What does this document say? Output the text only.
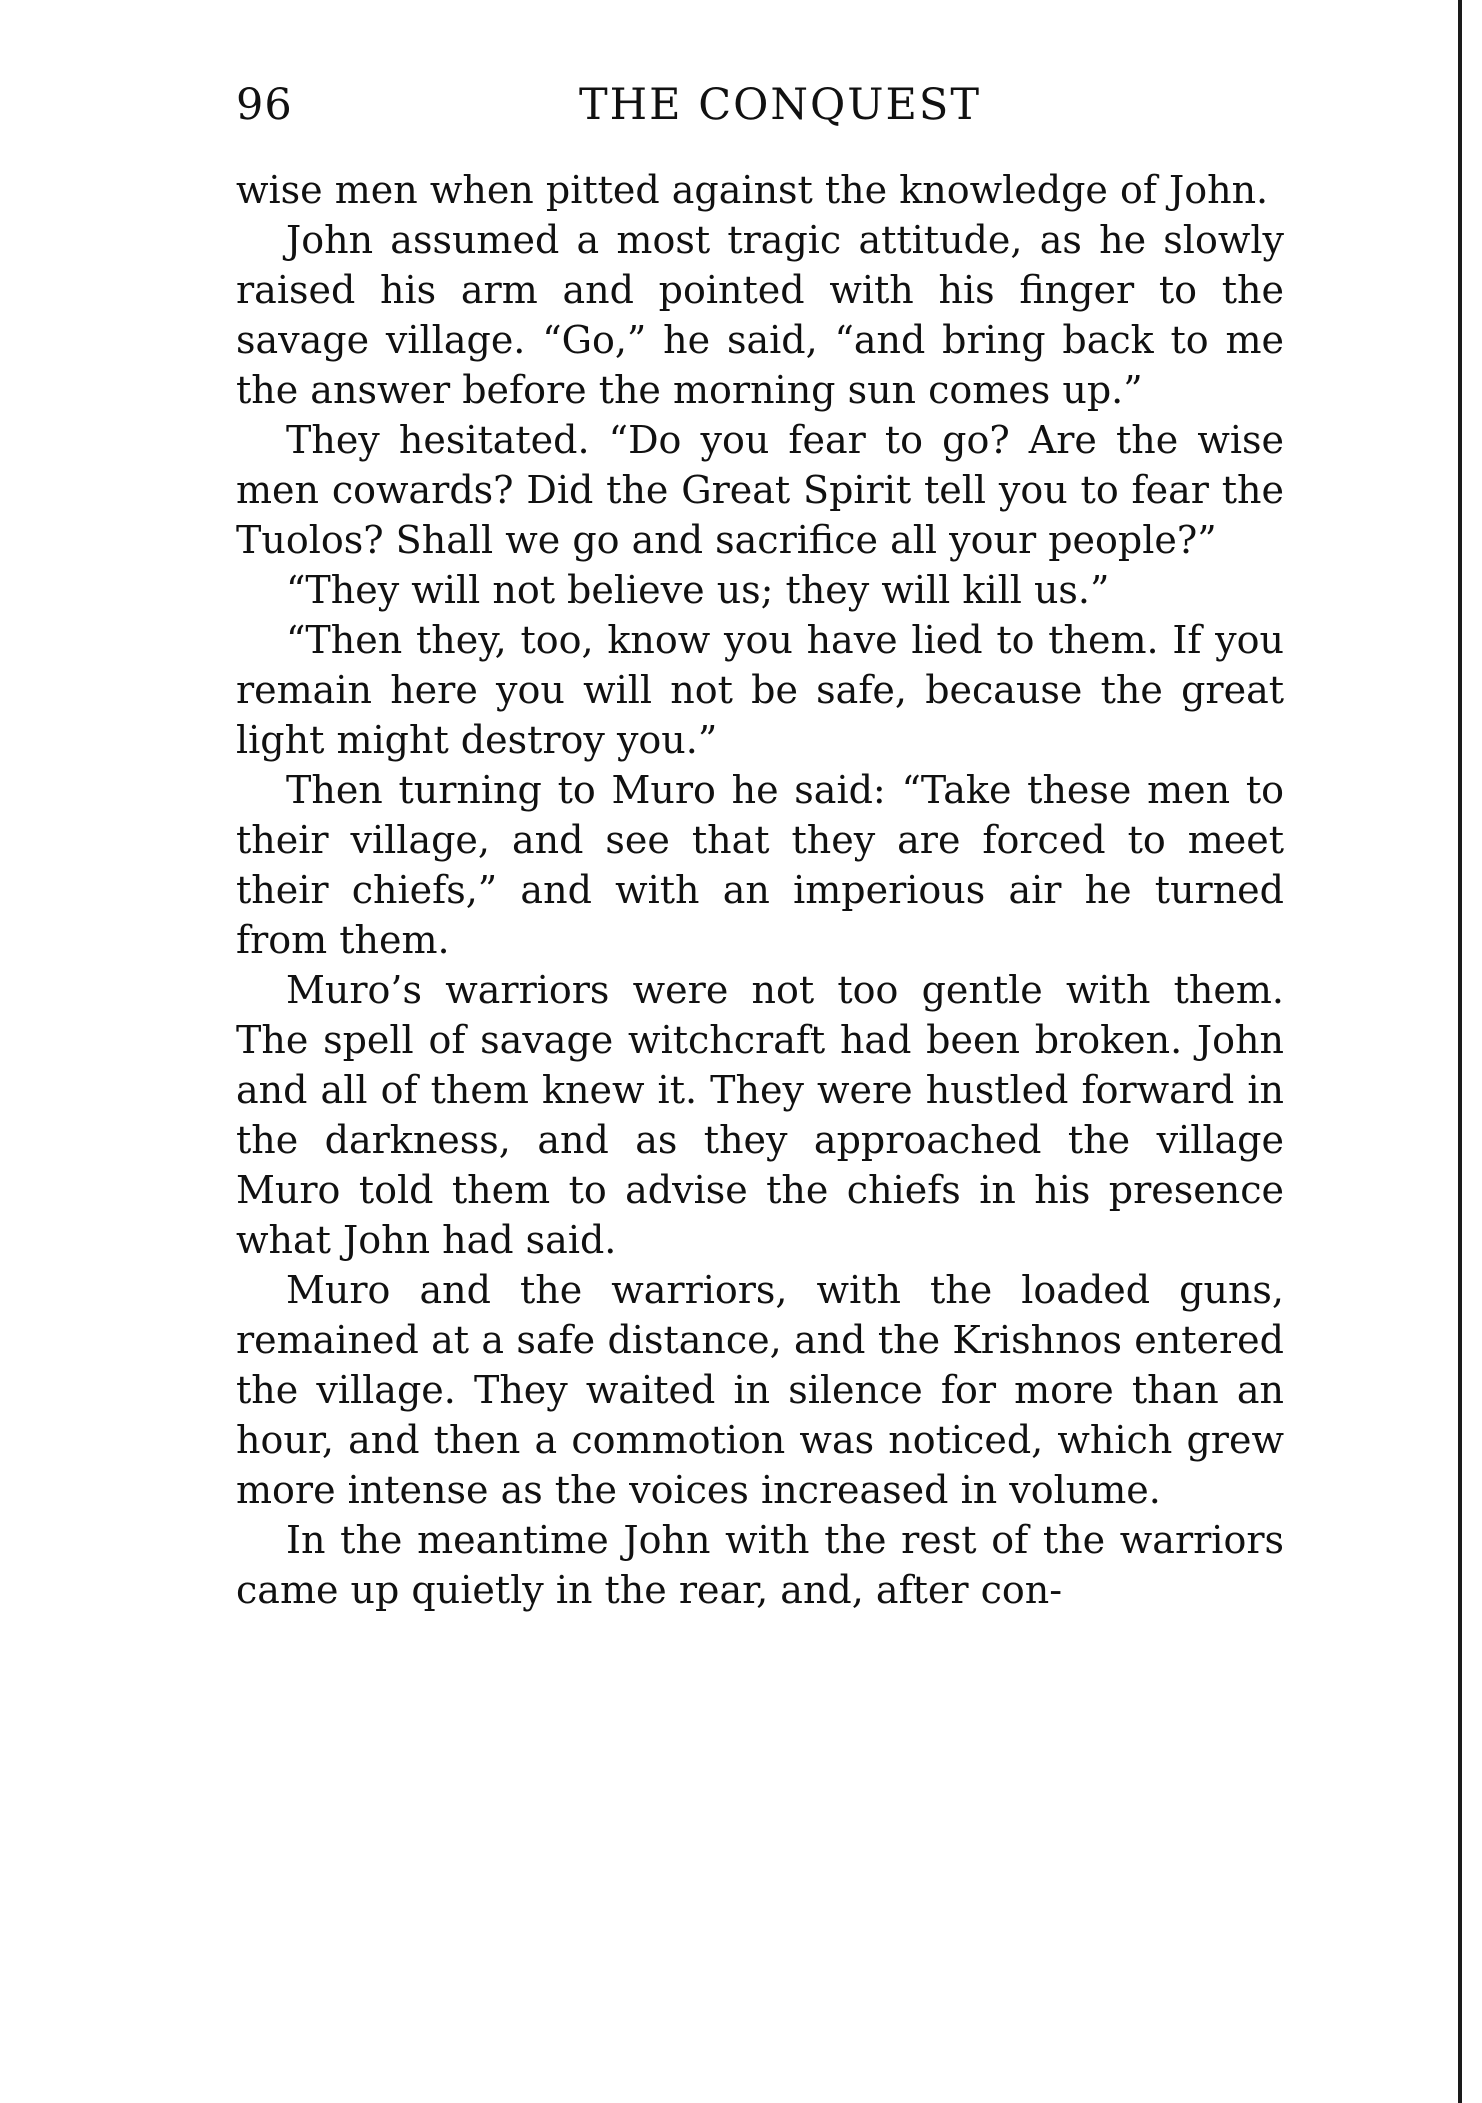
96	THE CONQUEST

wise men when pitted against the knowledge of John.

John assumed a most tragic attitude, as he slowly raised his arm and pointed with his finger to the savage village. “Go,” he said, “and bring back to me the answer before the morning sun comes up.”

They hesitated. “Do you fear to go? Are the wise men cowards? Did the Great Spirit tell you to fear the Tuolos? Shall we go and sacrifice all your people?”

“They will not believe us; they will kill us.”

“Then they, too, know you have lied to them. If you remain here you will not be safe, because the great light might destroy you.”

Then turning to Muro he said: “Take these men to their village, and see that they are forced to meet their chiefs,” and with an imperious air he turned from them.

Muro’s warriors were not too gentle with them. The spell of savage witchcraft had been broken. John and all of them knew it. They were hustled forward in the darkness, and as they approached the village Muro told them to advise the chiefs in his presence what John had said.

Muro and the warriors, with the loaded guns, remained at a safe distance, and the Krishnos entered the village. They waited in silence for more than an hour, and then a commotion was noticed, which grew more intense as the voices increased in volume.

In the meantime John with the rest of the warriors came up quietly in the rear, and, after con-
